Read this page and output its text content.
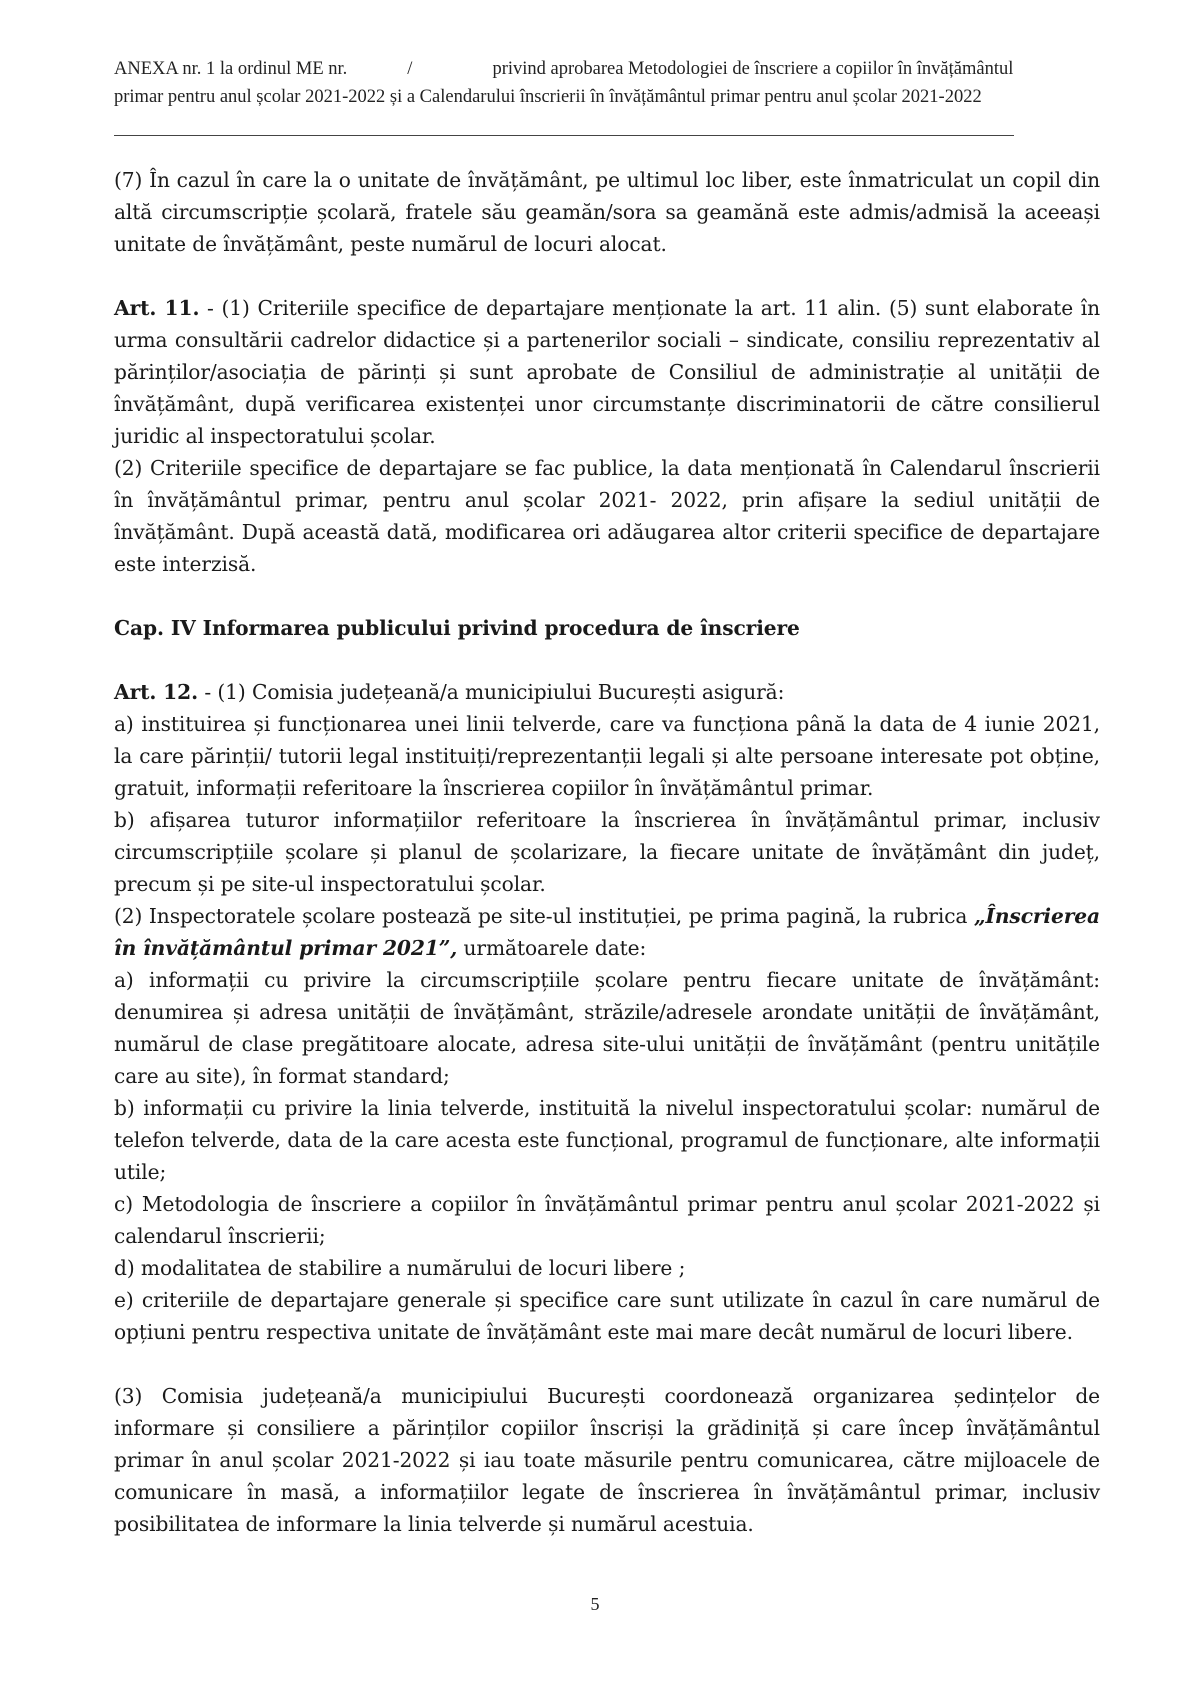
ANEXA nr. 1 la ordinul ME nr.	/	privind aprobarea Metodologiei de înscriere a copiilor în învățământul
primar pentru anul școlar 2021-2022 și a Calendarului înscrierii în învățământul primar pentru anul școlar 2021-2022

(7) În cazul în care la o unitate de învățământ, pe ultimul loc liber, este înmatriculat un copil din altă circumscripție școlară, fratele său geamăn/sora sa geamănă este admis/admisă la aceeași unitate de învățământ, peste numărul de locuri alocat.

Art. 11. - (1) Criteriile specifice de departajare menționate la art. 11 alin. (5) sunt elaborate în urma consultării cadrelor didactice și a partenerilor sociali – sindicate, consiliu reprezentativ al părinților/asociația de părinți și sunt aprobate de Consiliul de administrație al unității de învățământ, după verificarea existenței unor circumstanțe discriminatorii de către consilierul juridic al inspectoratului școlar.

(2) Criteriile specifice de departajare se fac publice, la data menționată în Calendarul înscrierii în învățământul primar, pentru anul școlar 2021- 2022, prin afișare la sediul unității de învățământ. După această dată, modificarea ori adăugarea altor criterii specifice de departajare este interzisă.

Cap. IV Informarea publicului privind procedura de înscriere

Art. 12. - (1) Comisia județeană/a municipiului București asigură:

a) instituirea și funcționarea unei linii telverde, care va funcționa până la data de 4 iunie 2021, la care părinții/ tutorii legal instituiți/reprezentanții legali și alte persoane interesate pot obține, gratuit, informații referitoare la înscrierea copiilor în învățământul primar.

b) afișarea tuturor informațiilor referitoare la înscrierea în învățământul primar, inclusiv circumscripțiile școlare și planul de școlarizare, la fiecare unitate de învățământ din județ, precum și pe site-ul inspectoratului școlar.

(2) Inspectoratele școlare postează pe site-ul instituției, pe prima pagină, la rubrica „Înscrierea în învățământul primar 2021”, următoarele date:

a) informații cu privire la circumscripțiile școlare pentru fiecare unitate de învățământ: denumirea și adresa unității de învățământ, străzile/adresele arondate unității de învățământ, numărul de clase pregătitoare alocate, adresa site-ului unității de învățământ (pentru unitățile care au site), în format standard;

b) informații cu privire la linia telverde, instituită la nivelul inspectoratului școlar: numărul de telefon telverde, data de la care acesta este funcțional, programul de funcționare, alte informații utile;

c) Metodologia de înscriere a copiilor în învățământul primar pentru anul școlar 2021-2022 și calendarul înscrierii;

d) modalitatea de stabilire a numărului de locuri libere ;

e) criteriile de departajare generale și specifice care sunt utilizate în cazul în care numărul de opțiuni pentru respectiva unitate de învățământ este mai mare decât numărul de locuri libere.

(3) Comisia județeană/a municipiului București coordonează organizarea ședințelor de informare și consiliere a părinților copiilor înscriși la grădiniță și care încep învățământul primar în anul școlar 2021-2022 și iau toate măsurile pentru comunicarea, către mijloacele de comunicare în masă, a informațiilor legate de înscrierea în învățământul primar, inclusiv posibilitatea de informare la linia telverde și numărul acestuia.

5
